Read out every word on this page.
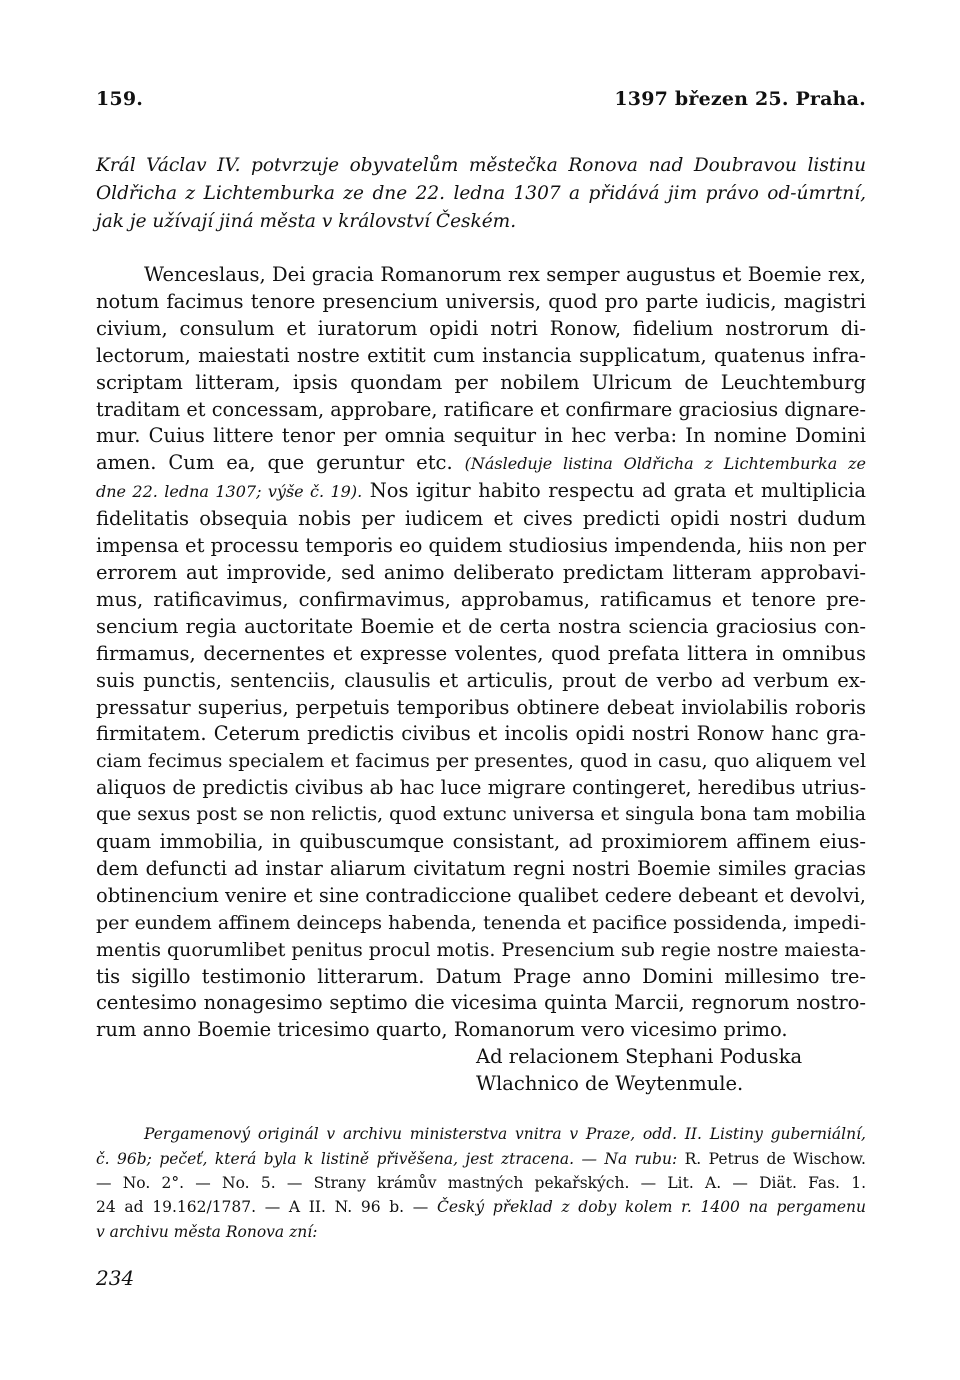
159.	1397 březen 25. Praha.
Král Václav IV. potvrzuje obyvatelům městečka Ronova nad Doubravou listinu Oldřicha z Lichtemburka ze dne 22. ledna 1307 a přidává jim právo od-úmrtní, jak je užívají jiná města v království Českém.
Wenceslaus, Dei gracia Romanorum rex semper augustus et Boemie rex,
notum facimus tenore presencium universis, quod pro parte iudicis, magistri
civium, consulum et iuratorum opidi notri Ronow, fidelium nostrorum di-
lectorum, maiestati nostre extitit cum instancia supplicatum, quatenus infra-
scriptam litteram, ipsis quondam per nobilem Ulricum de Leuchtemburg
traditam et concessam, approbare, ratificare et confirmare graciosius dignare-
mur. Cuius littere tenor per omnia sequitur in hec verba: In nomine Domini
amen. Cum ea, que geruntur etc. (Následuje listina Oldřicha z Lichtemburka ze
dne 22. ledna 1307; výše č. 19). Nos igitur habito respectu ad grata et multiplicia
fidelitatis obsequia nobis per iudicem et cives predicti opidi nostri dudum
impensa et processu temporis eo quidem studiosius impendenda, hiis non per
errorem aut improvide, sed animo deliberato predictam litteram approbavi-
mus, ratificavimus, confirmavimus, approbamus, ratificamus et tenore pre-
sencium regia auctoritate Boemie et de certa nostra sciencia graciosius con-
firmamus, decernentes et expresse volentes, quod prefata littera in omnibus
suis punctis, sentenciis, clausulis et articulis, prout de verbo ad verbum ex-
pressatur superius, perpetuis temporibus obtinere debeat inviolabilis roboris
firmitatem. Ceterum predictis civibus et incolis opidi nostri Ronow hanc gra-
ciam fecimus specialem et facimus per presentes, quod in casu, quo aliquem vel
aliquos de predictis civibus ab hac luce migrare contingeret, heredibus utrius-
que sexus post se non relictis, quod extunc universa et singula bona tam mobilia
quam immobilia, in quibuscumque consistant, ad proximiorem affinem eius-
dem defuncti ad instar aliarum civitatum regni nostri Boemie similes gracias
obtinencium venire et sine contradiccione qualibet cedere debeant et devolvi,
per eundem affinem deinceps habenda, tenenda et pacifice possidenda, impedi-
mentis quorumlibet penitus procul motis. Presencium sub regie nostre maiesta-
tis sigillo testimonio litterarum. Datum Prage anno Domini millesimo tre-
centesimo nonagesimo septimo die vicesima quinta Marcii, regnorum nostro-
rum anno Boemie tricesimo quarto, Romanorum vero vicesimo primo.
Ad relacionem Stephani Poduska
Wlachnico de Weytenmule.
Pergamenový originál v archivu ministerstva vnitra v Praze, odd. II. Listiny guberniální,
č. 96b; pečeť, která byla k listině přivěšena, jest ztracena. — Na rubu: R. Petrus de Wischow.
— No. 2°. — No. 5. — Strany krámův mastných pekařských. — Lit. A. — Diät. Fas. 1.
24 ad 19.162/1787. — A II. N. 96 b. — Český překlad z doby kolem r. 1400 na pergamenu
v archivu města Ronova zní:
234
